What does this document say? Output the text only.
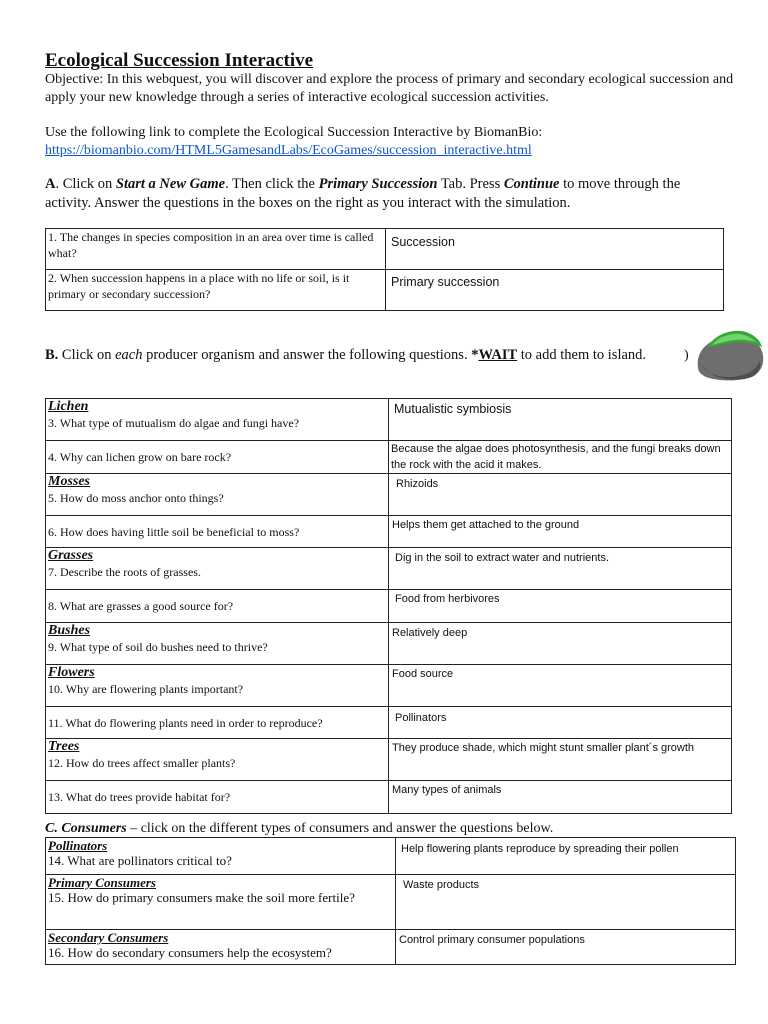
Ecological Succession Interactive
Objective: In this webquest, you will discover and explore the process of primary and secondary ecological succession and apply your new knowledge through a series of interactive ecological succession activities.
Use the following link to complete the Ecological Succession Interactive by BiomanBio:
https://biomanbio.com/HTML5GamesandLabs/EcoGames/succession_interactive.html
A. Click on Start a New Game. Then click the Primary Succession Tab. Press Continue to move through the activity. Answer the questions in the boxes on the right as you interact with the simulation.
1. The changes in species composition in an area over time is called what?	Succession
2. When succession happens in a place with no life or soil, is it primary or secondary succession?	Primary succession
B. Click on each producer organism and answer the following questions. *WAIT to add them to island.	)
Lichen
3. What type of mutualism do algae and fungi have?	Mutualistic symbiosis
4. Why can lichen grow on bare rock?	Because the algae does photosynthesis, and the fungi breaks down the rock with the acid it makes.

Mosses
5. How do moss anchor onto things?	Rhizoids
6. How does having little soil be beneficial to moss?	Helps them get attached to the ground

Grasses
7. Describe the roots of grasses.	Dig in the soil to extract water and nutrients.
8. What are grasses a good source for?	Food from herbivores

Bushes
9. What type of soil do bushes need to thrive?	Relatively deep

Flowers
10. Why are flowering plants important?	Food source
11. What do flowering plants need in order to reproduce?	Pollinators

Trees
12. How do trees affect smaller plants?	They produce shade, which might stunt smaller plant´s growth
13. What do trees provide habitat for?	Many types of animals
C. Consumers – click on the different types of consumers and answer the questions below.
Pollinators
14. What are pollinators critical to?	Help flowering plants reproduce by spreading their pollen

Primary Consumers
15. How do primary consumers make the soil more fertile?	Waste products

Secondary Consumers
16. How do secondary consumers help the ecosystem?	Control primary consumer populations
